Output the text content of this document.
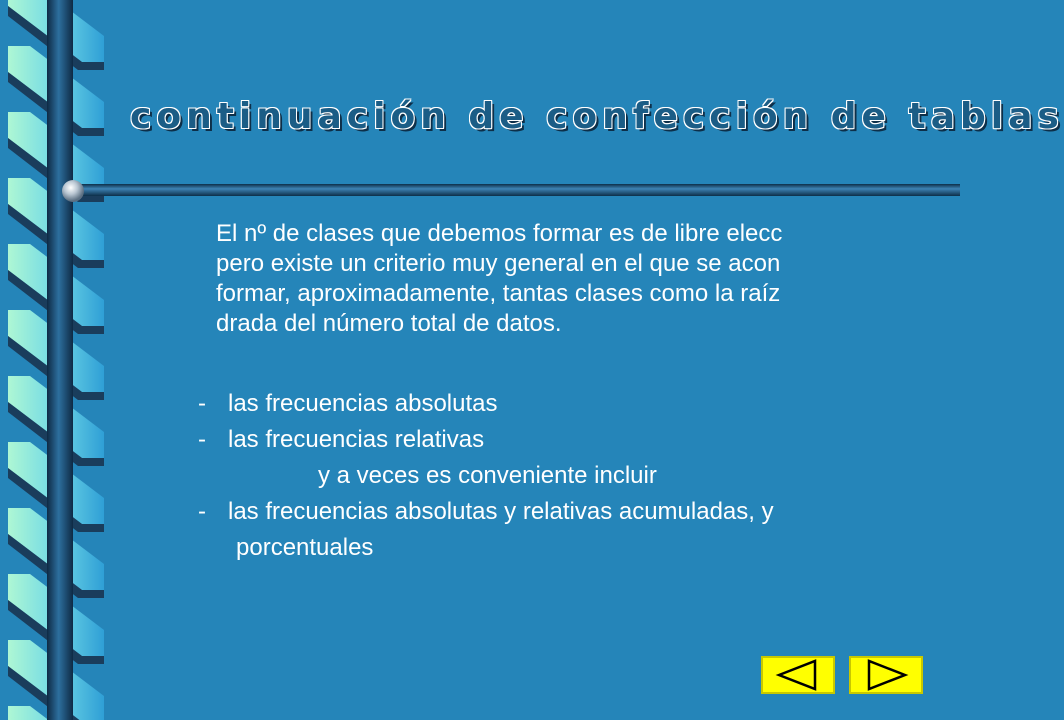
continuación de confección de tablas
El nº de clases que debemos formar es de libre elecc
pero existe un criterio muy general en el que se acon
formar, aproximadamente, tantas clases como la raíz
drada del número total de datos.
- las frecuencias absolutas
- las frecuencias relativas
y a veces es conveniente incluir
- las frecuencias absolutas y relativas acumuladas, y
porcentuales
